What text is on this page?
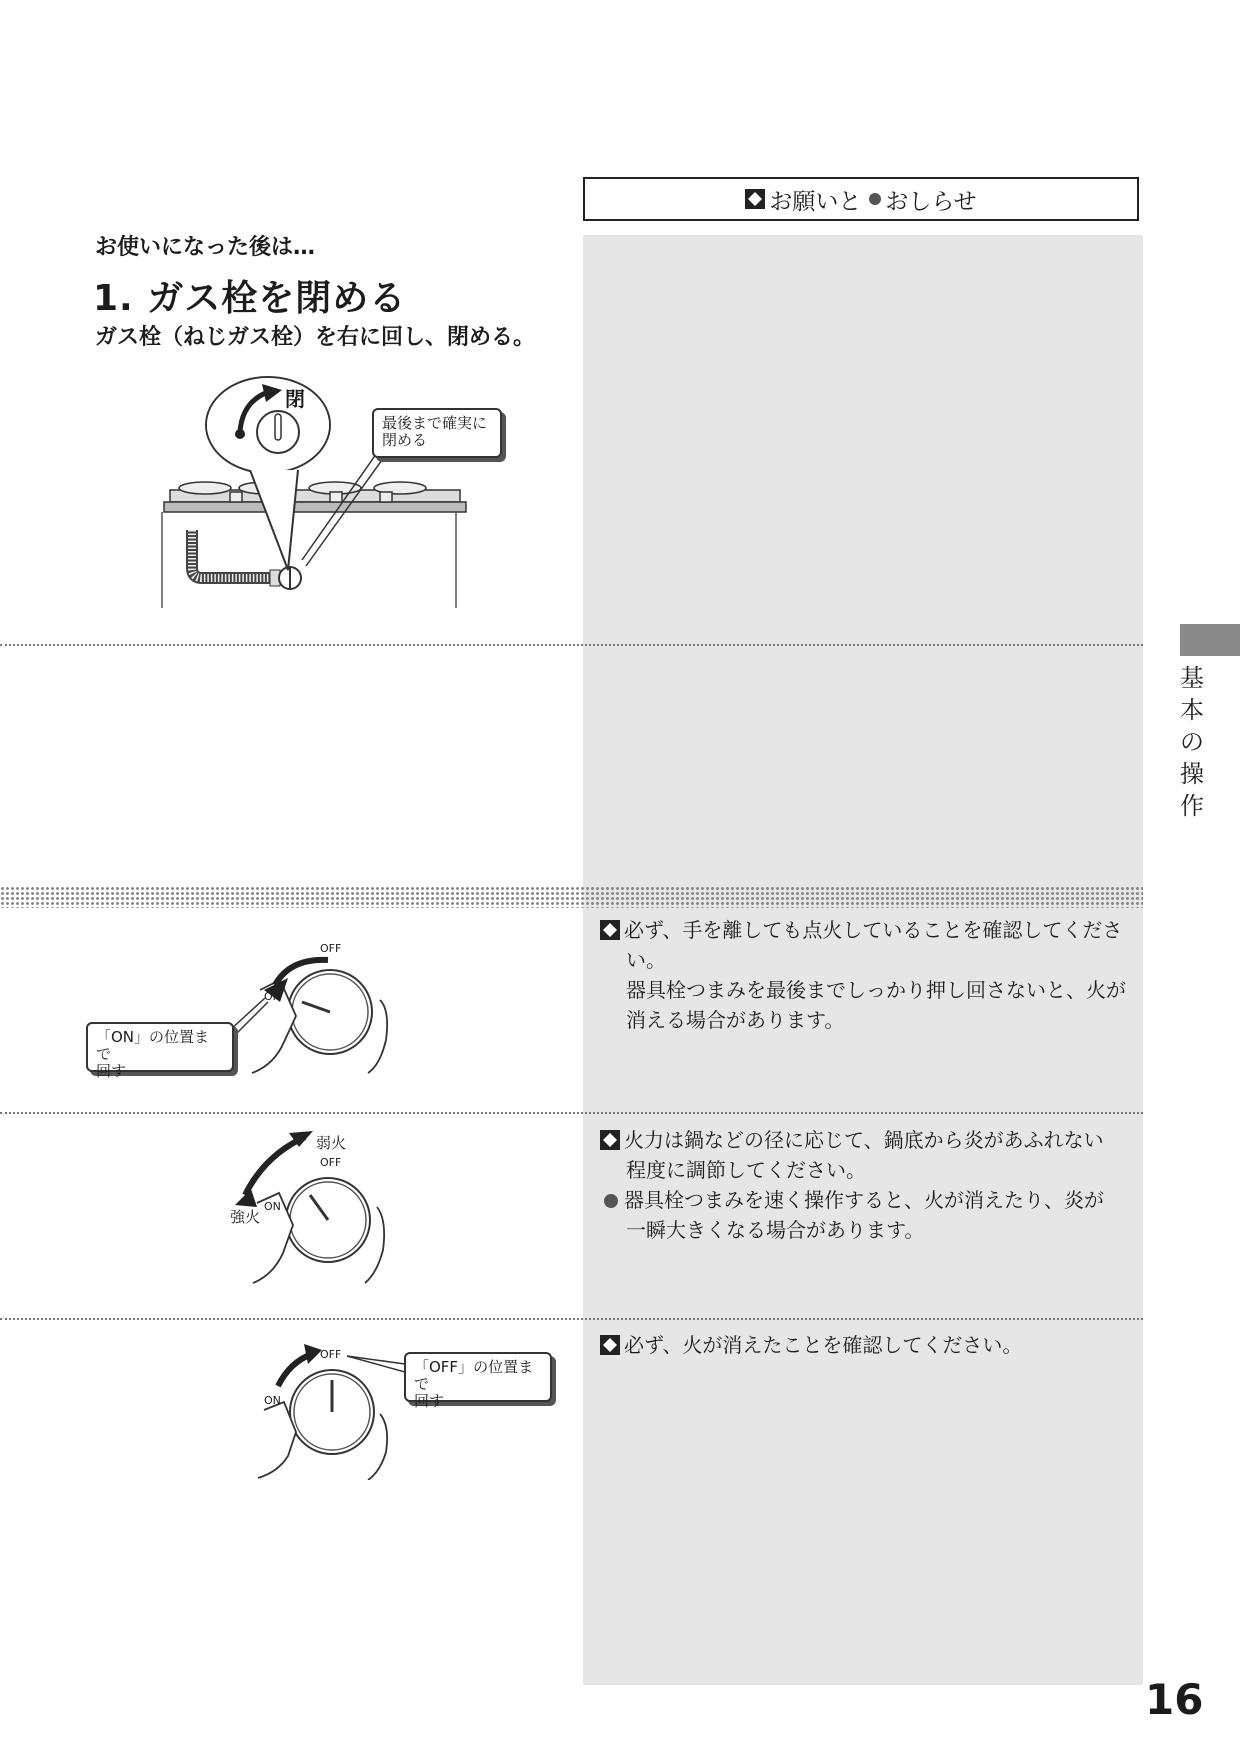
お願いと おしらせ
お使いになった後は…
1. ガス栓を閉める
ガス栓（ねじガス栓）を右に回し、閉める。
閉
最後まで確実に
閉める
OFF
ON
「ON」の位置まで
回す
必ず、手を離しても点火していることを確認してくださ
い。
器具栓つまみを最後までしっかり押し回さないと、火が
消える場合があります。
弱火
OFF
強火
ON
火力は鍋などの径に応じて、鍋底から炎があふれない
程度に調節してください。
器具栓つまみを速く操作すると、火が消えたり、炎が
一瞬大きくなる場合があります。
OFF
ON
「OFF」の位置まで
回す
必ず、火が消えたことを確認してください。
基
本
の
操
作
16
